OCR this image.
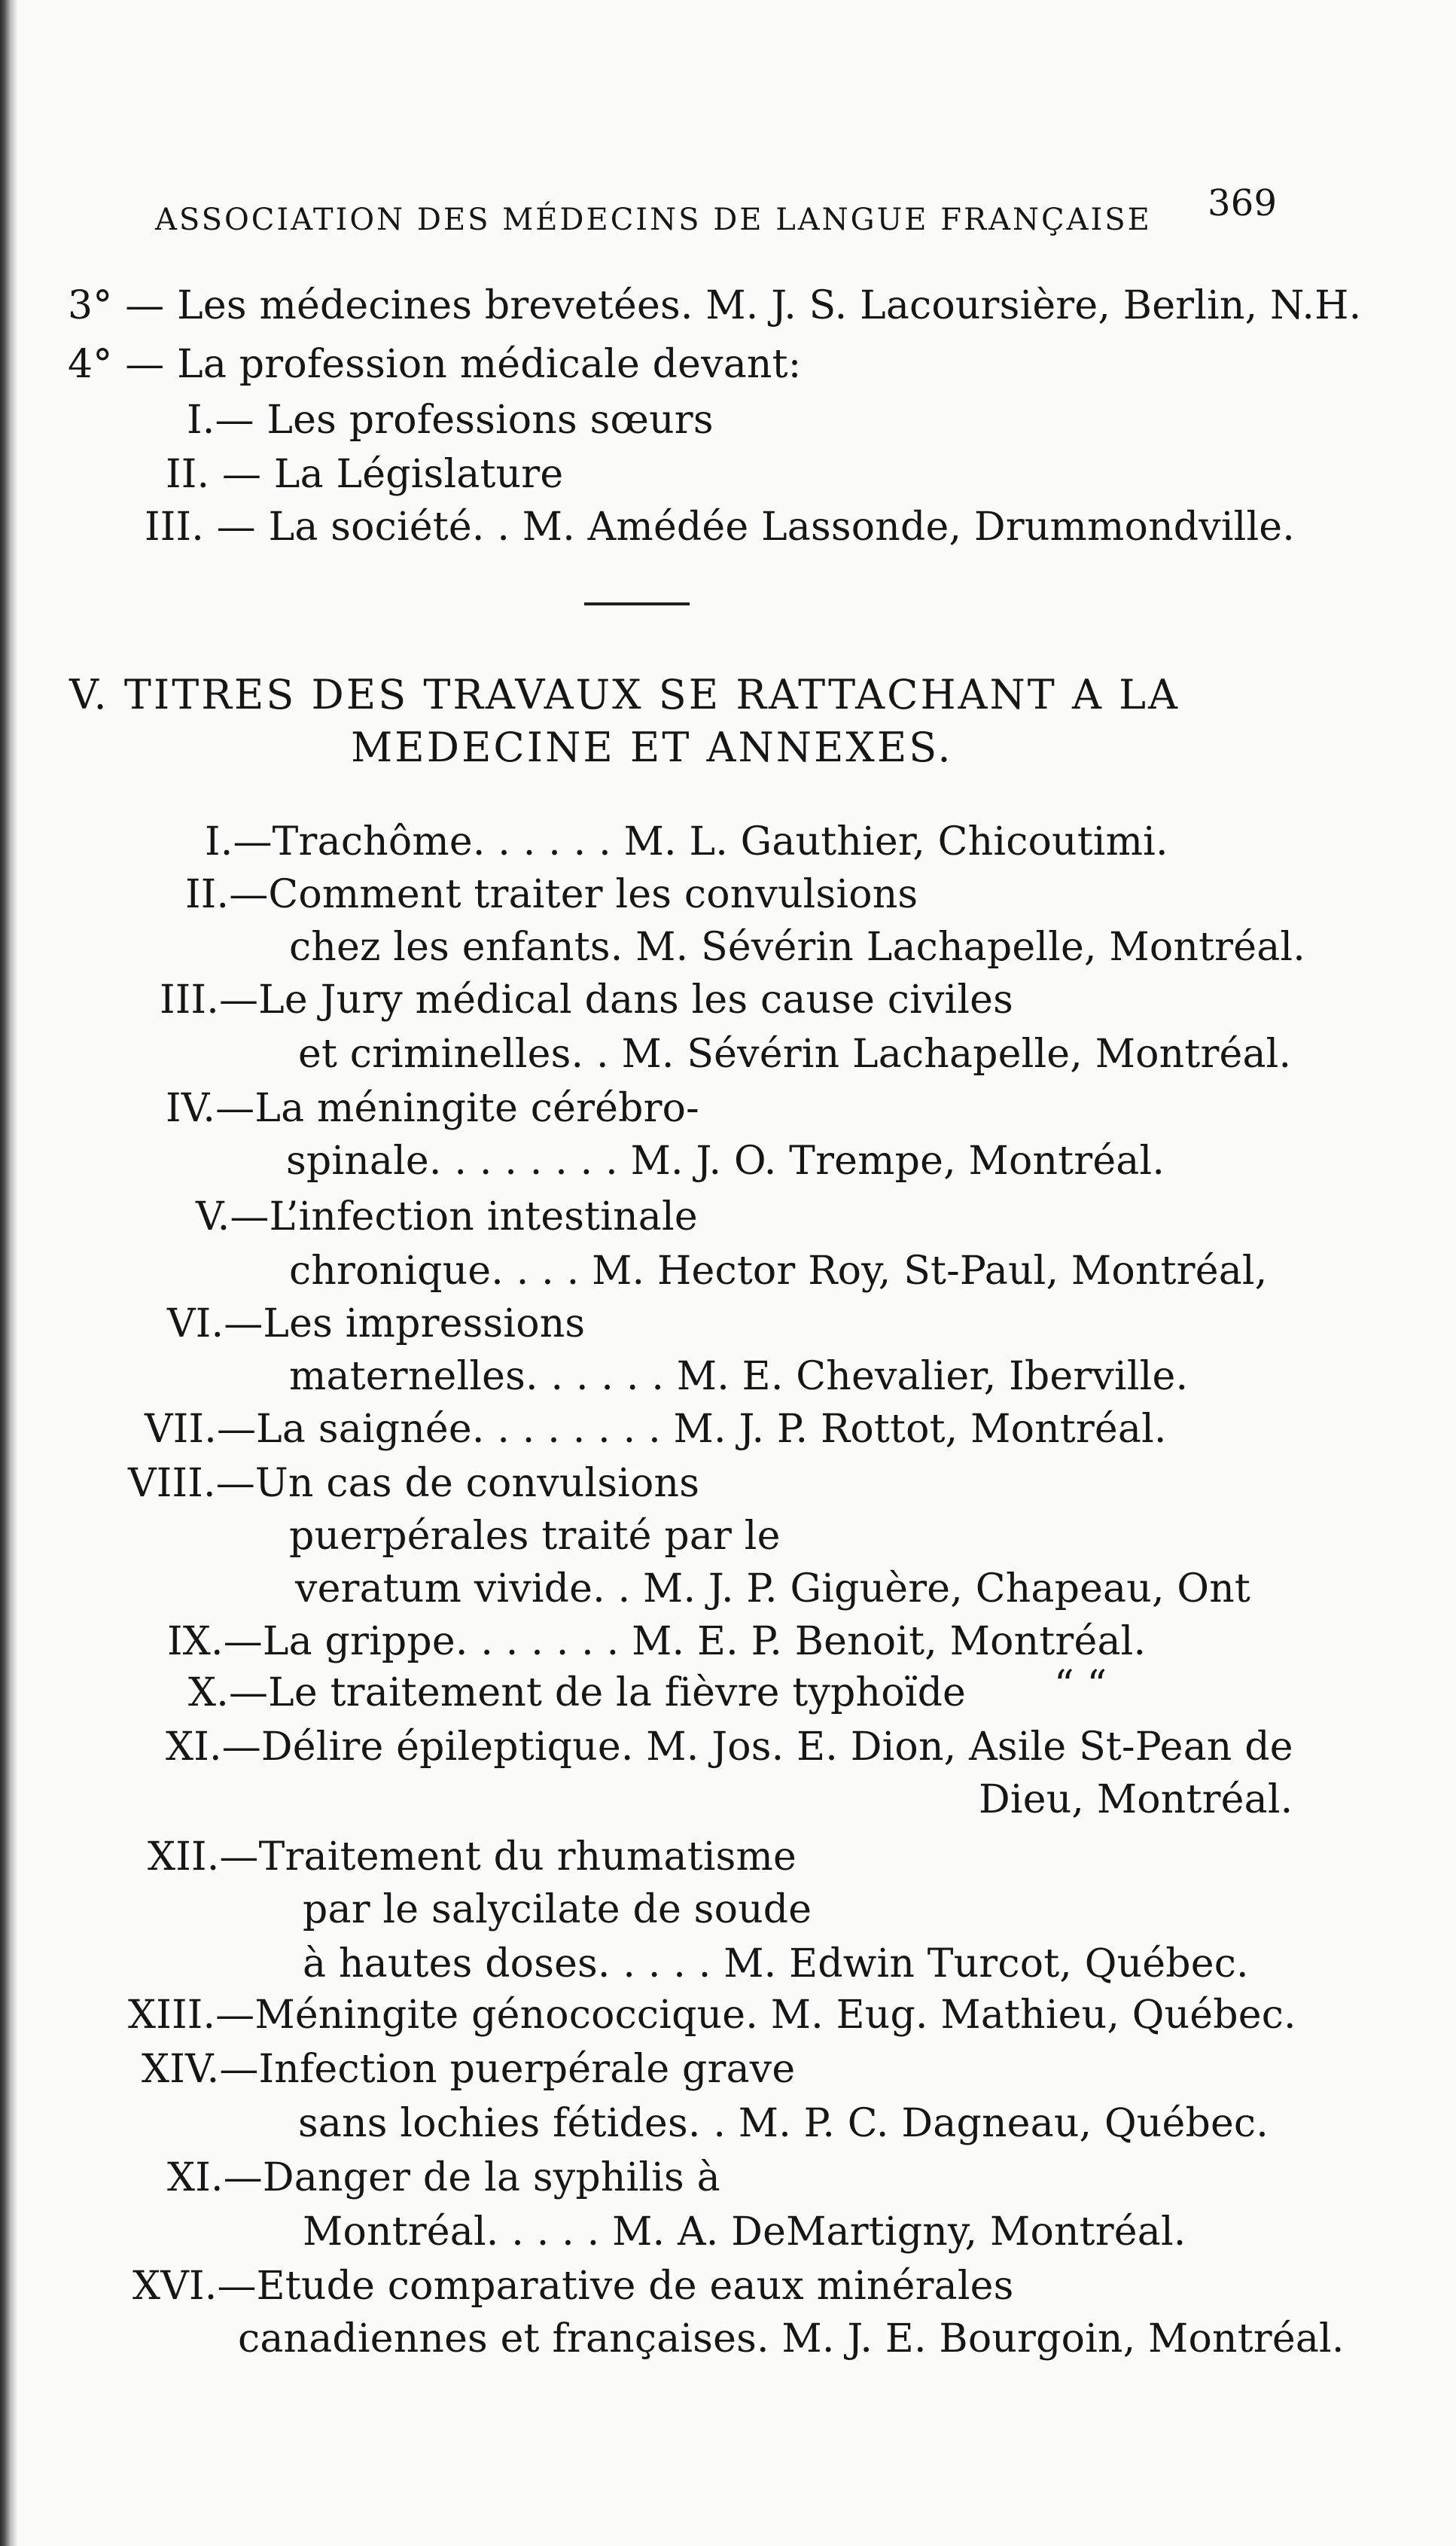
ASSOCIATION DES MÉDECINS DE LANGUE FRANÇAISE 369

3° — Les médecines brevetées. M. J. S. Lacoursière, Berlin, N.H.

4° — La profession médicale devant:

I.— Les professions sœurs

II. — La Législature

III. — La société. . M. Amédée Lassonde, Drummondville.

V. TITRES DES TRAVAUX SE RATTACHANT A LA

MEDECINE ET ANNEXES.

I.—Trachôme. . . . . . M. L. Gauthier, Chicoutimi.

II.—Comment traiter les convulsions

chez les enfants. M. Sévérin Lachapelle, Montréal.

III.—Le Jury médical dans les cause civiles

et criminelles. . M. Sévérin Lachapelle, Montréal.

IV.—La méningite cérébro-

spinale. . . . . . . . M. J. O. Trempe, Montréal.

V.—L’infection intestinale

chronique. . . . M. Hector Roy, St-Paul, Montréal,

VI.—Les impressions

maternelles. . . . . . M. E. Chevalier, Iberville.

VII.—La saignée. . . . . . . . M. J. P. Rottot, Montréal.

VIII.—Un cas de convulsions

puerpérales traité par le

veratum vivide. . M. J. P. Giguère, Chapeau, Ont

IX.—La grippe. . . . . . . M. E. P. Benoit, Montréal.

X.—Le traitement de la fièvre typhoïde “ “

XI.—Délire épileptique. M. Jos. E. Dion, Asile St-Pean de

Dieu, Montréal.

XII.—Traitement du rhumatisme

par le salycilate de soude

à hautes doses. . . . . M. Edwin Turcot, Québec.

XIII.—Méningite génococcique. M. Eug. Mathieu, Québec.

XIV.—Infection puerpérale grave

sans lochies fétides. . M. P. C. Dagneau, Québec.

XI.—Danger de la syphilis à

Montréal. . . . . M. A. DeMartigny, Montréal.

XVI.—Etude comparative de eaux minérales

canadiennes et françaises. M. J. E. Bourgoin, Montréal.
